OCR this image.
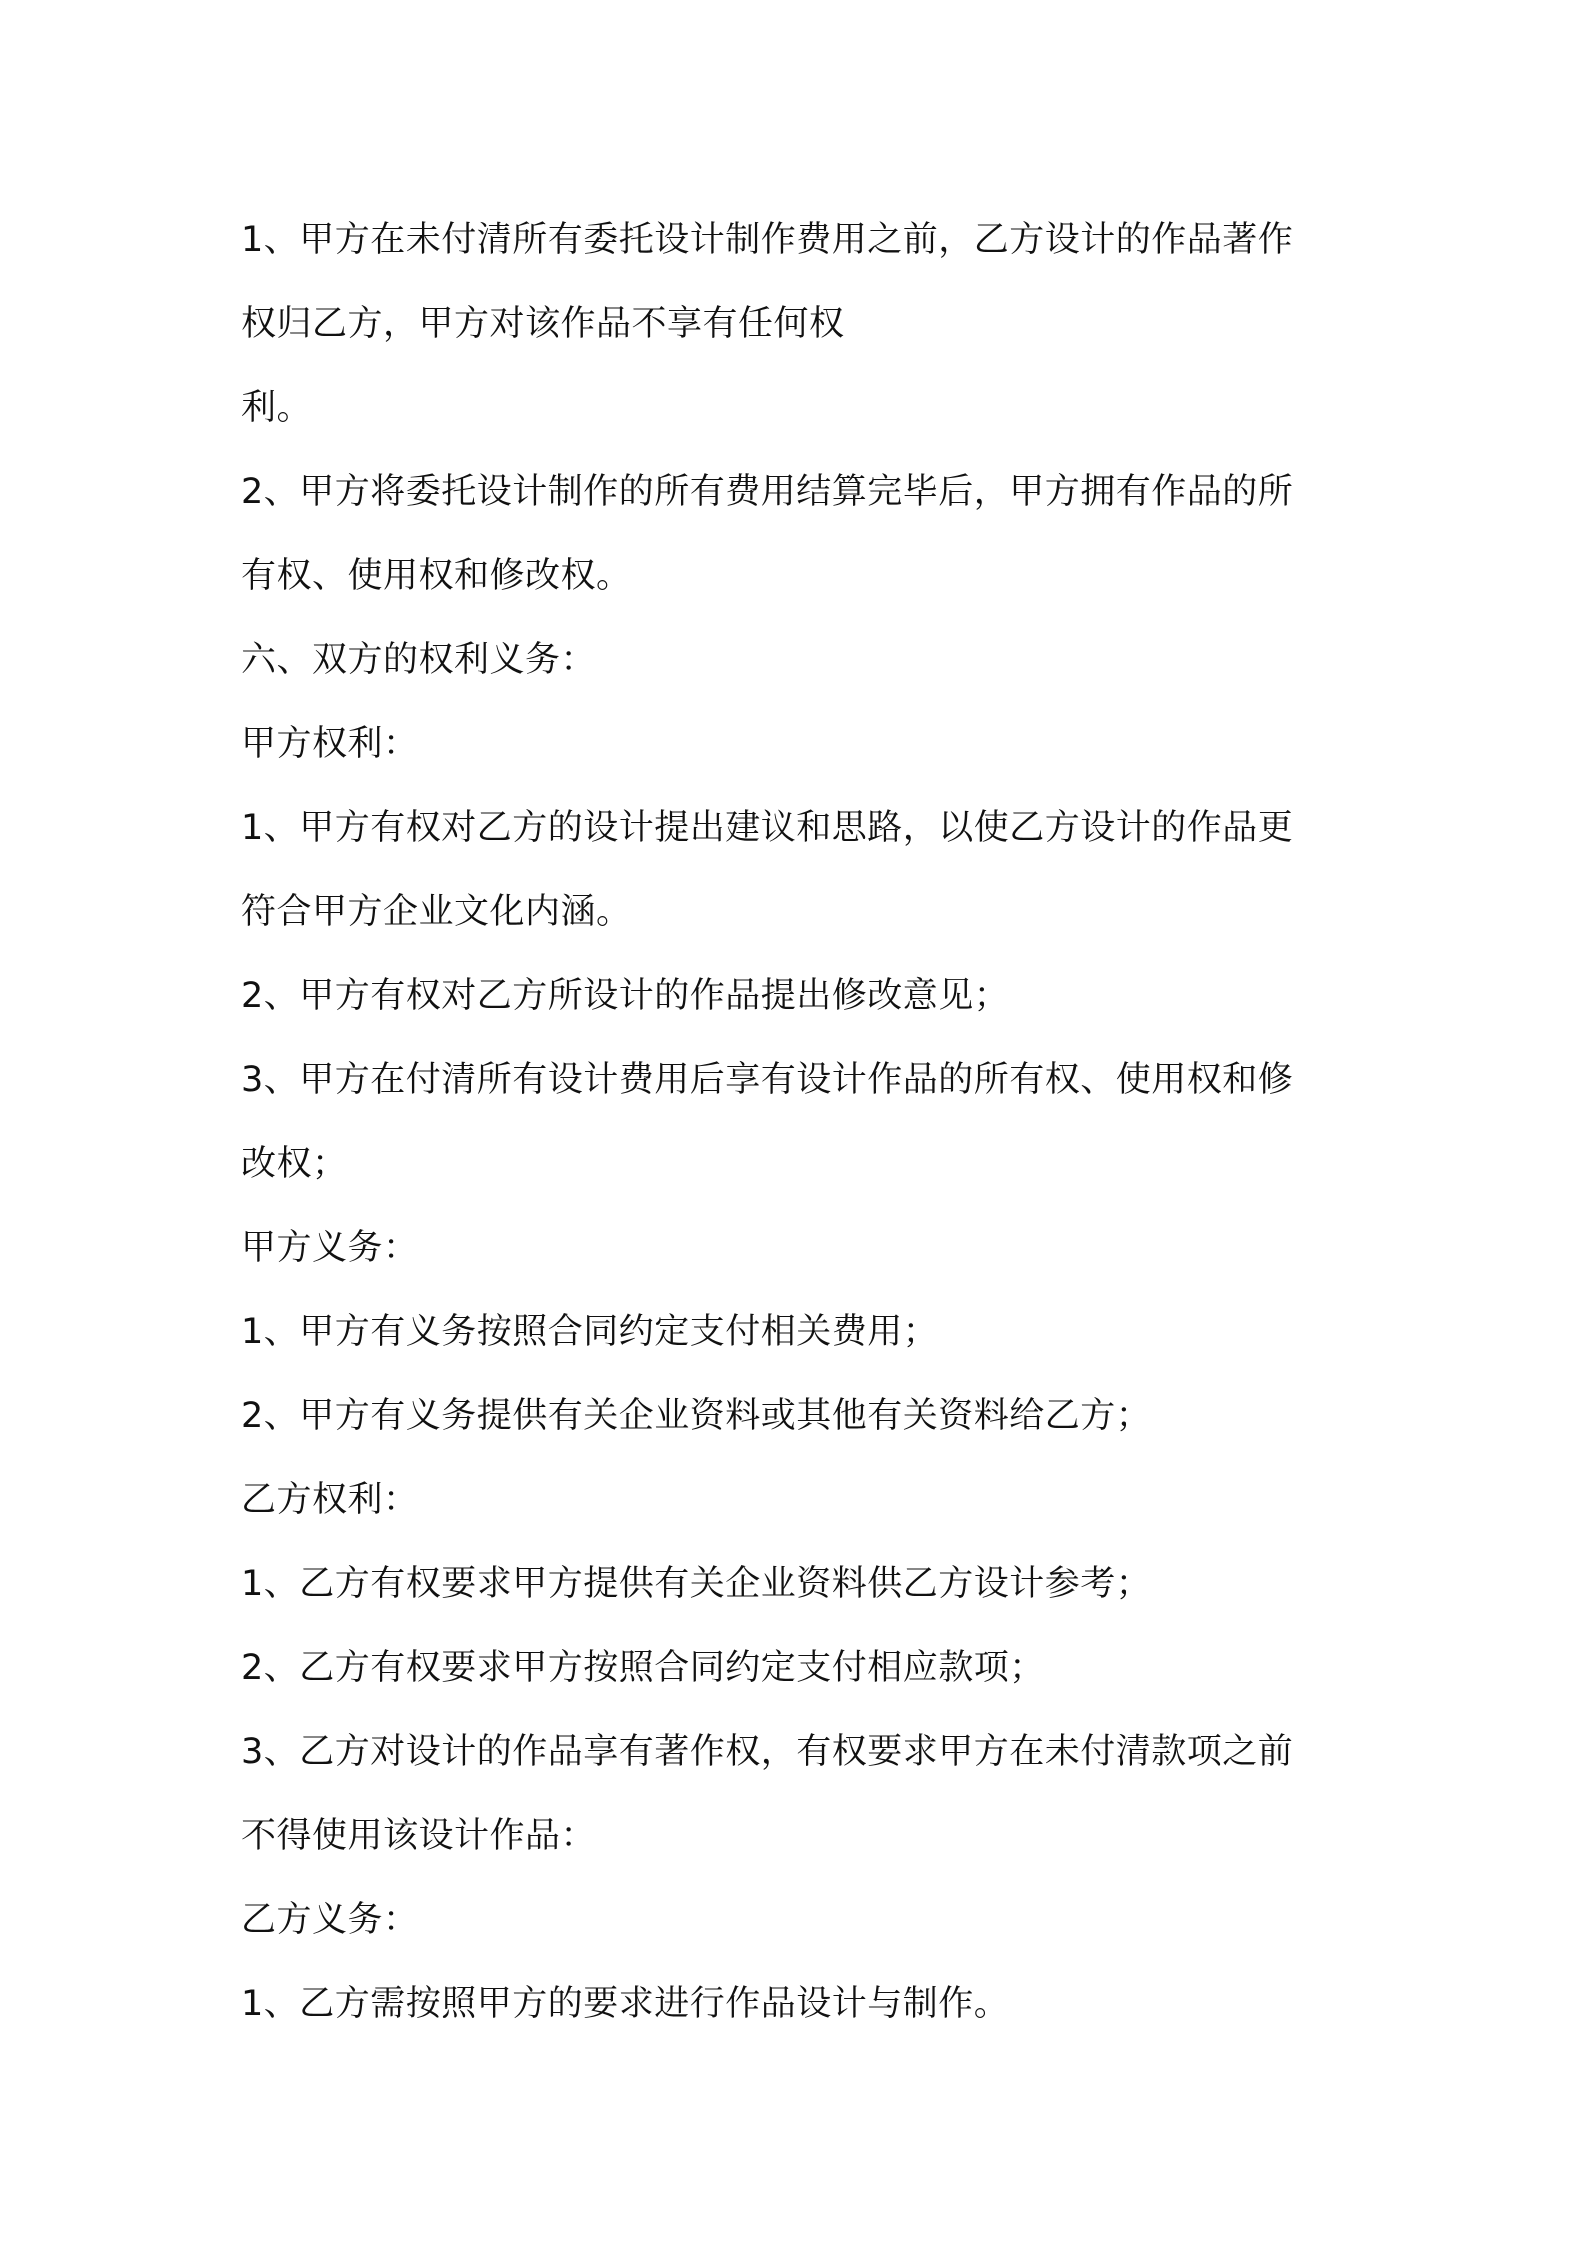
1、甲方在未付清所有委托设计制作费用之前，乙方设计的作品著作
权归乙方，甲方对该作品不享有任何权
利。
2、甲方将委托设计制作的所有费用结算完毕后，甲方拥有作品的所
有权、使用权和修改权。
六、双方的权利义务：
甲方权利：
1、甲方有权对乙方的设计提出建议和思路，以使乙方设计的作品更
符合甲方企业文化内涵。
2、甲方有权对乙方所设计的作品提出修改意见；
3、甲方在付清所有设计费用后享有设计作品的所有权、使用权和修
改权；
甲方义务：
1、甲方有义务按照合同约定支付相关费用；
2、甲方有义务提供有关企业资料或其他有关资料给乙方；
乙方权利：
1、乙方有权要求甲方提供有关企业资料供乙方设计参考；
2、乙方有权要求甲方按照合同约定支付相应款项；
3、乙方对设计的作品享有著作权，有权要求甲方在未付清款项之前
不得使用该设计作品：
乙方义务：
1、乙方需按照甲方的要求进行作品设计与制作。
